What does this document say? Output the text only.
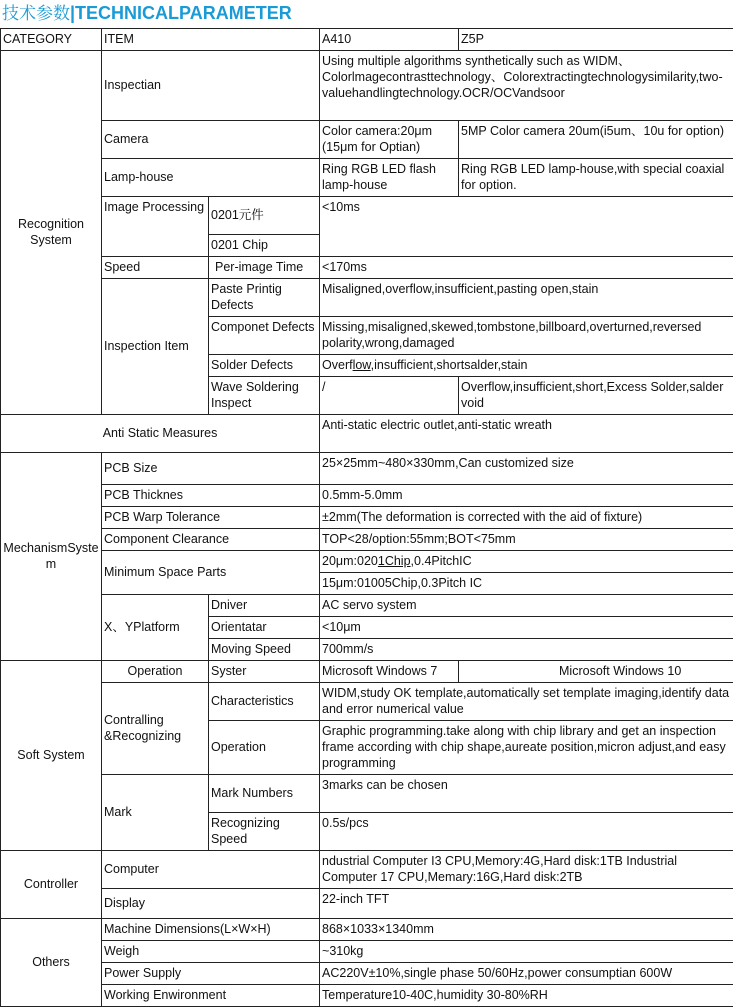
技术参数|TECHNICALPARAMETER
CATEGORY	ITEM		A410	Z5P
Recognition System	Inspectian		Using multiple algorithms synthetically such as WIDM、Colorlmagecontrasttechnology、Colorextractingtechnologysimilarity,two-valuehandlingtechnology.OCR/OCVandsoor	
	Camera		Color camera:20μm (15μm for Optian)	5MP Color camera 20um(i5um、10u for option)
	Lamp-house		Ring RGB LED flash lamp-house	Ring RGB LED lamp-house,with special coaxial for option.
	Image Processing	0201元件	<10ms	
		0201 Chip		
	Speed	Per-image Time	<170ms	
	Inspection Item	Paste Printig Defects	Misaligned,overflow,insufficient,pasting open,stain	
		Componet Defects	Missing,misaligned,skewed,tombstone,billboard,overturned,reversed polarity,wrong,damaged	
		Solder Defects	Overflow,insufficient,shortsalder,stain	
		Wave Soldering Inspect	/	Overflow,insufficient,short,Excess Solder,salder void

Anti Static Measures			Anti-static electric outlet,anti-static wreath	
MechanismSystem	PCB Size		25×25mm~480×330mm,Can customized size	
	PCB Thicknes		0.5mm-5.0mm	
	PCB Warp Tolerance		±2mm(The deformation is corrected with the aid of fixture)	
	Component Clearance		TOP<28/option:55mm;BOT<75mm	
	Minimum Space Parts		20μm:0201Chip,0.4PitchIC	
			15μm:01005Chip,0.3Pitch IC	
	X、YPlatform	Dniver	AC servo system	
		Orientatar	<10μm	
		Moving Speed	700mm/s	
Soft System	Operation	Syster	Microsoft Windows 7	Microsoft Windows 10
	Contralling &Recognizing	Characteristics	WIDM,study OK template,automatically set template imaging,identify data and error numerical value	
		Operation	Graphic programming.take along with chip library and get an inspection frame according with chip shape,aureate position,micron adjust,and easy programming	
	Mark	Mark Numbers	3marks can be chosen	
		Recognizing Speed	0.5s/pcs	
Controller	Computer		ndustrial Computer I3 CPU,Memory:4G,Hard disk:1TB Industrial Computer 17 CPU,Memary:16G,Hard disk:2TB	
	Display		22-inch TFT	
Others	Machine Dimensions(L×W×H)		868×1033×1340mm	
	Weigh		~310kg	
	Power Supply		AC220V±10%,single phase 50/60Hz,power consumptian 600W	
	Working Enwironment		Temperature10-40C,humidity 30-80%RH	
